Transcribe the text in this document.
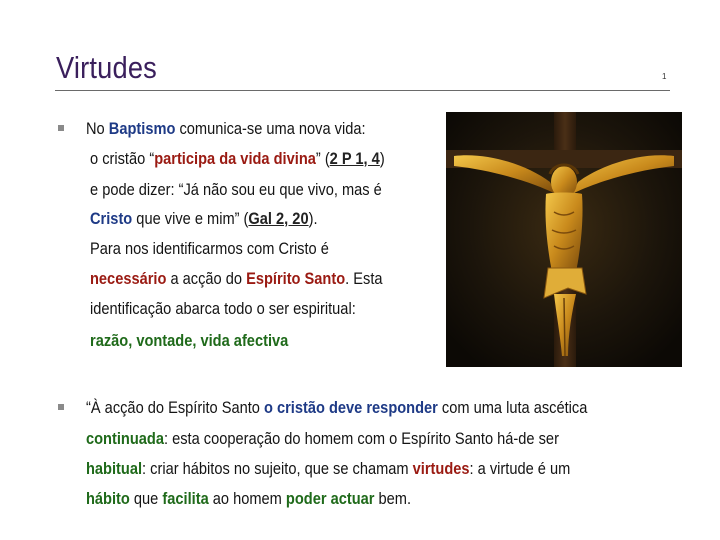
Virtudes	1
No Baptismo comunica-se uma nova vida:
o cristão “participa da vida divina” (2 P 1, 4)
e pode dizer: “Já não sou eu que vivo, mas é
Cristo que vive e mim” (Gal 2, 20).
Para nos identificarmos com Cristo é
necessário a acção do Espírito Santo. Esta
identificação abarca todo o ser espiritual:
razão, vontade, vida afectiva
“À acção do Espírito Santo o cristão deve responder com uma luta ascética
continuada: esta cooperação do homem com o Espírito Santo há-de ser
habitual: criar hábitos no sujeito, que se chamam virtudes: a virtude é um
hábito que facilita ao homem poder actuar bem.
